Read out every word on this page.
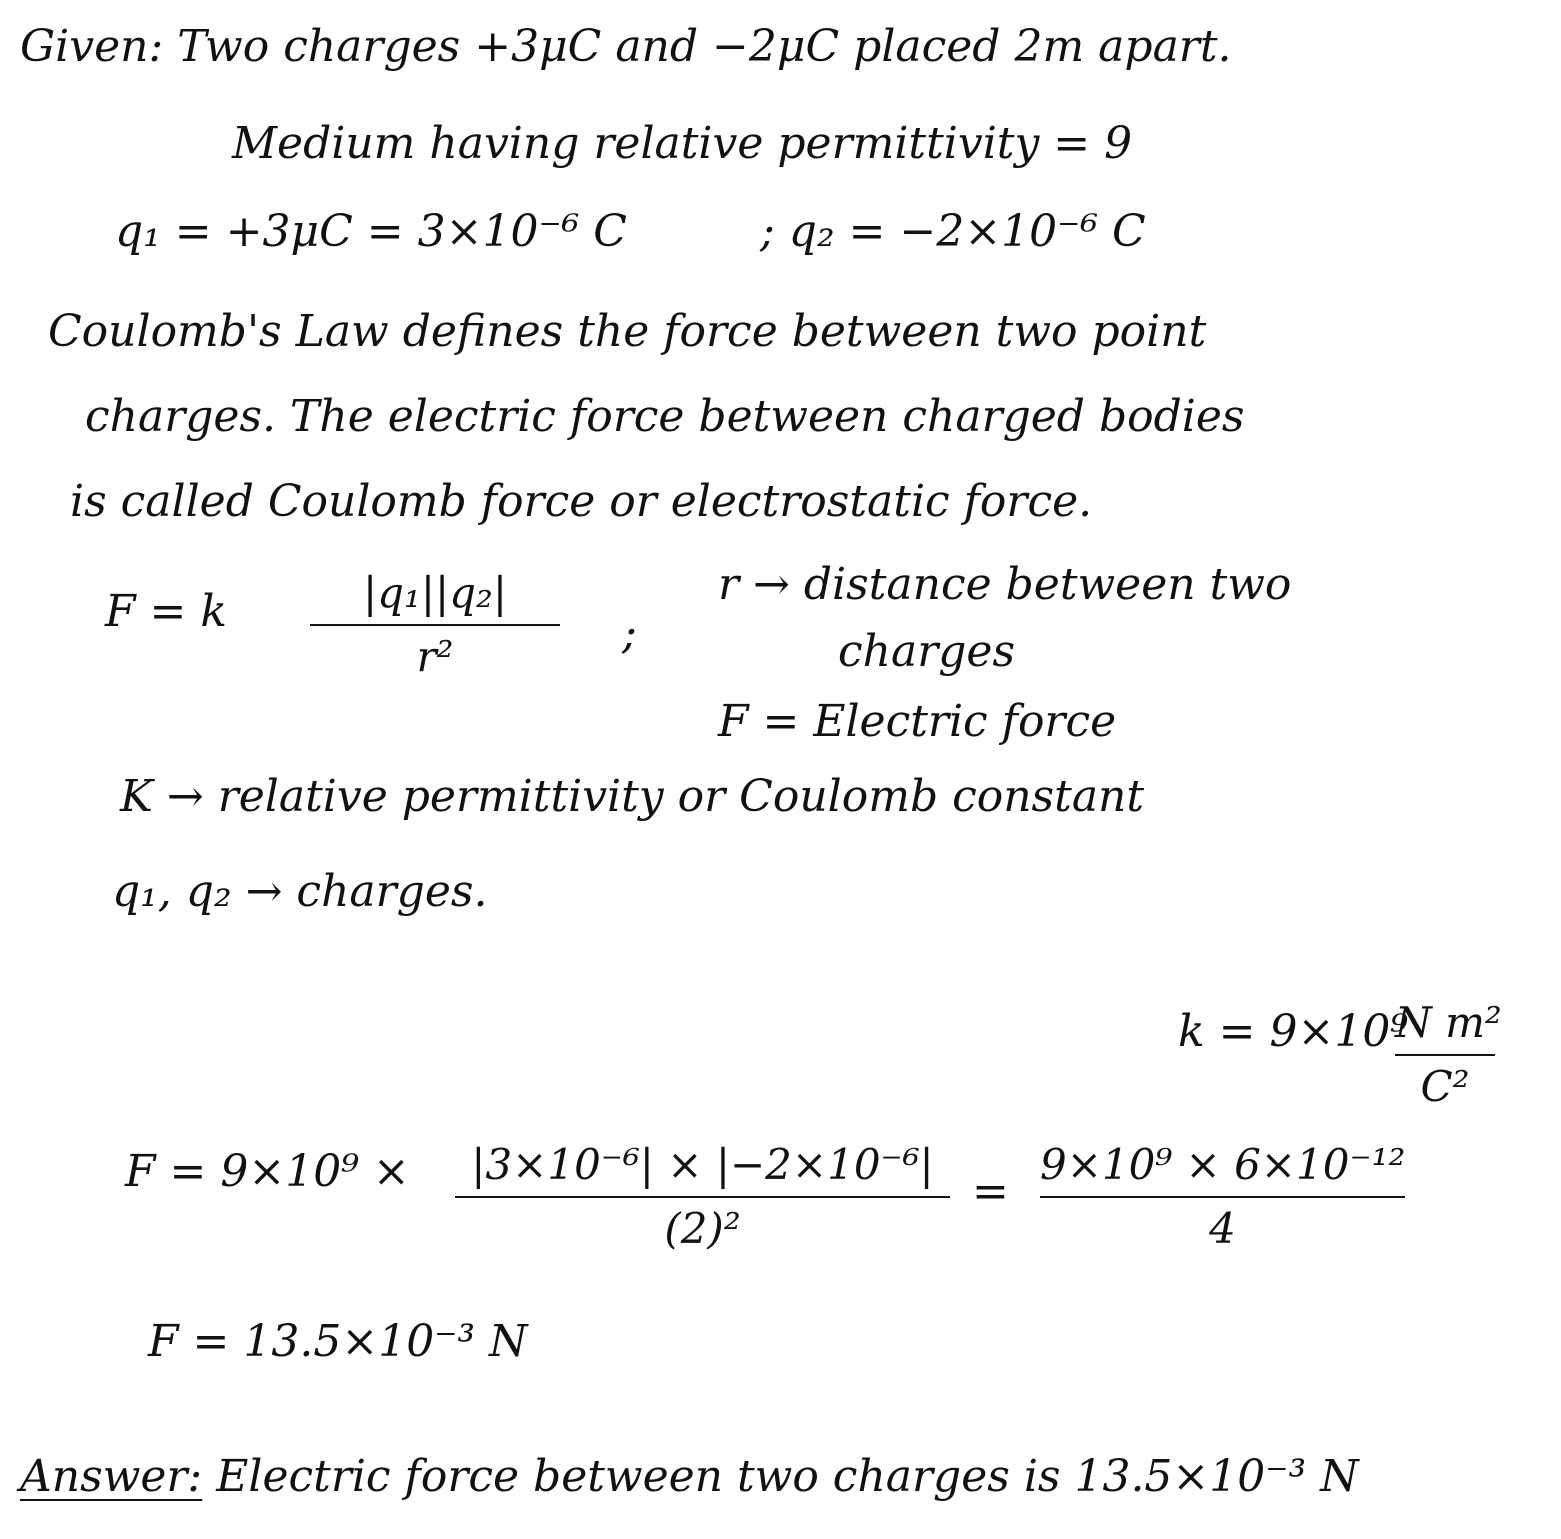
Given: Two charges +3μC and −2μC placed 2m apart.
Medium having relative permittivity = 9
q₁ = +3μC = 3×10⁻⁶ C	; q₂ = −2×10⁻⁶ C
Coulomb's Law defines the force between two point
charges. The electric force between charged bodies
is called Coulomb force or electrostatic force.
F = k	|q₁||q₂|
r²	;
r → distance between two
charges
F = Electric force
K → relative permittivity or Coulomb constant
q₁, q₂ → charges.
k = 9×10⁹
N m²
C²
F = 9×10⁹ ×	|3×10⁻⁶| × |−2×10⁻⁶|
(2)²
=
9×10⁹ × 6×10⁻¹²
4
F = 13.5×10⁻³ N
Answer: Electric force between two charges is 13.5×10⁻³ N
